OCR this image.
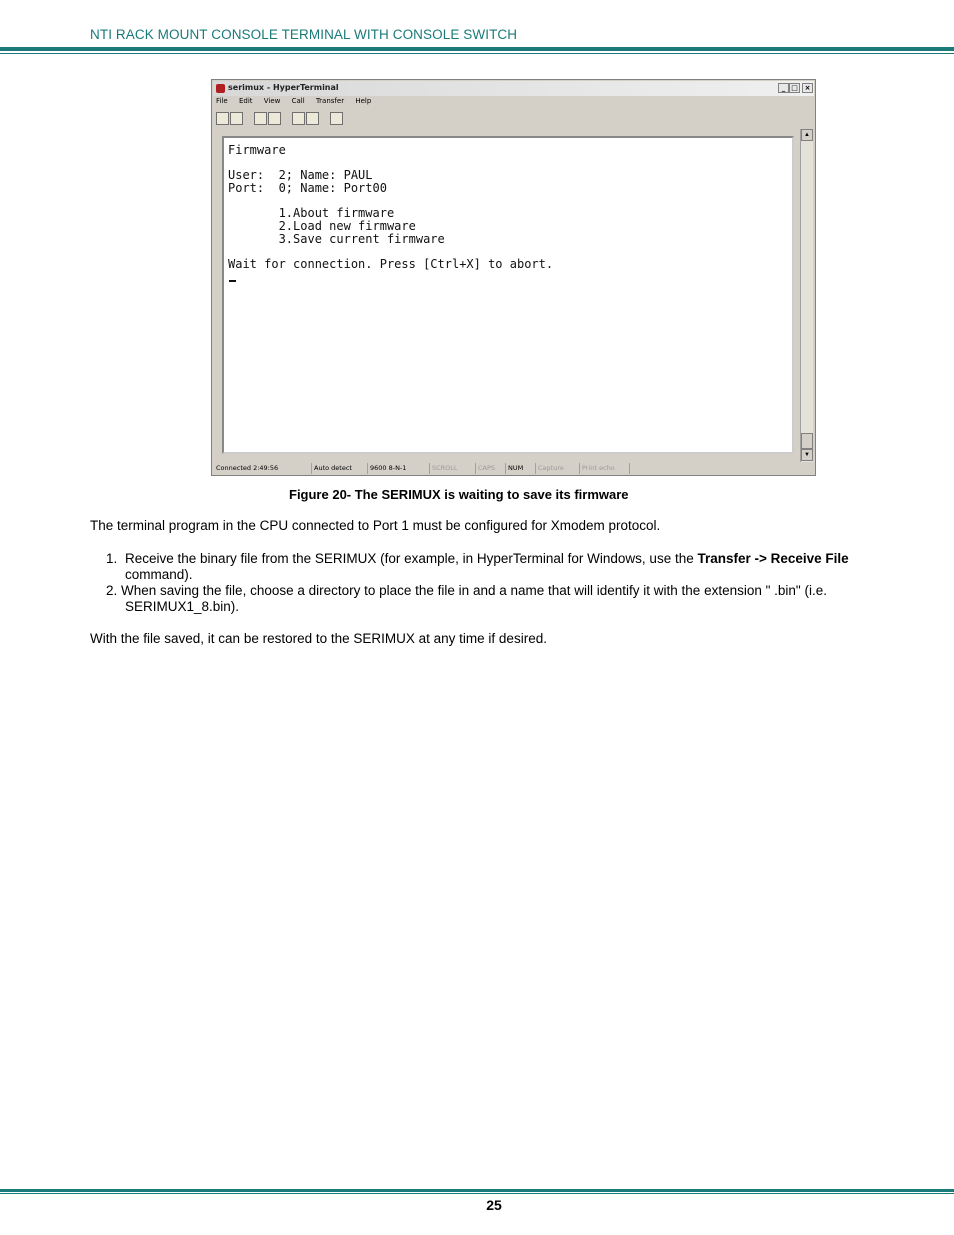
NTI RACK MOUNT CONSOLE TERMINAL WITH CONSOLE SWITCH
serimux - HyperTerminal	_ □ ×
File Edit View Call Transfer Help
Firmware
User:  2; Name: PAUL
Port:  0; Name: Port00
1.About firmware
2.Load new firmware
3.Save current firmware
Wait for connection. Press [Ctrl+X] to abort.
▲
▼
Connected 2:49:56	Auto detect	9600 8-N-1	SCROLL	CAPS	NUM	Capture	Print echo
Figure 20- The SERIMUX is waiting to save its firmware
The terminal program in the CPU connected to Port 1 must be configured for Xmodem protocol.
1. Receive the binary file from the SERIMUX (for example, in HyperTerminal for Windows, use the Transfer -> Receive File
command).
2. When saving the file, choose a directory to place the file in and a name that will identify it with the extension " .bin" (i.e.
SERIMUX1_8.bin).
With the file saved, it can be restored to the SERIMUX at any time if desired.
25
